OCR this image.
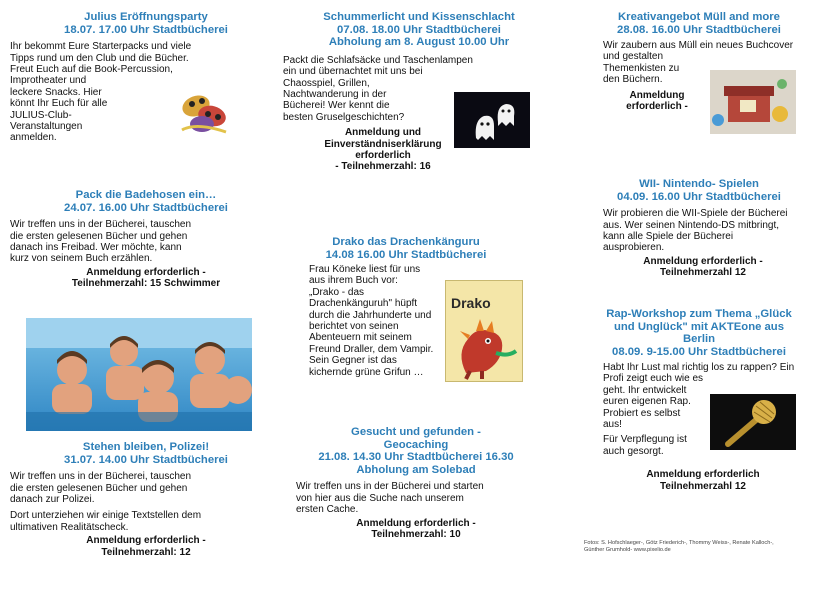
Julius Eröffnungsparty
18.07. 17.00 Uhr Stadtbücherei
Ihr bekommt Eure Starterpacks und viele
Tipps rund um den Club und die Bücher.
Freut Euch auf die Book-Percussion,
Improtheater und
leckere Snacks. Hier
könnt Ihr Euch für alle
JULIUS-Club-
Veranstaltungen
anmelden.
Pack die Badehosen ein…
24.07. 16.00 Uhr Stadtbücherei
Wir treffen uns in der Bücherei, tauschen
die ersten gelesenen Bücher und gehen
danach ins Freibad. Wer möchte, kann
kurz von seinem Buch erzählen.
Anmeldung erforderlich -
Teilnehmerzahl: 15 Schwimmer
Stehen bleiben, Polizei!
31.07. 14.00 Uhr Stadtbücherei
Wir treffen uns in der Bücherei, tauschen
die ersten gelesenen Bücher und gehen
danach zur Polizei.
Dort unterziehen wir einige Textstellen dem
ultimativen Realitätscheck.
Anmeldung erforderlich -
Teilnehmerzahl: 12
Schummerlicht und Kissenschlacht
07.08. 18.00 Uhr Stadtbücherei
Abholung am 8. August 10.00 Uhr
Packt die Schlafsäcke und Taschenlampen
ein und übernachtet mit uns bei
Chaosspiel, Grillen,
Nachtwanderung in der
Bücherei! Wer kennt die
besten Gruselgeschichten?
Anmeldung und
Einverständniserklärung
erforderlich
- Teilnehmerzahl: 16
Drako das Drachenkänguru
14.08 16.00 Uhr Stadtbücherei
Frau Köneke liest für uns
aus ihrem Buch vor:
„Drako - das
Drachenkänguruh" hüpft
durch die Jahrhunderte und
berichtet von seinen
Abenteuern mit seinem
Freund Draller, dem Vampir.
Sein Gegner ist das
kichernde grüne Grifun …
Drako
Gesucht und gefunden -
Geocaching
21.08. 14.30 Uhr Stadtbücherei 16.30
Abholung am Solebad
Wir treffen uns in der Bücherei und starten
von hier aus die Suche nach unserem
ersten Cache.
Anmeldung erforderlich -
Teilnehmerzahl: 10
Kreativangebot Müll and more
28.08. 16.00 Uhr Stadtbücherei
Wir zaubern aus Müll ein neues Buchcover
und gestalten
Themenkisten zu
den Büchern.
Anmeldung
erforderlich -
WII- Nintendo- Spielen
04.09. 16.00 Uhr Stadtbücherei
Wir probieren die WII-Spiele der Bücherei
aus. Wer seinen Nintendo-DS mitbringt,
kann alle Spiele der Bücherei
ausprobieren.
Anmeldung erforderlich -
Teilnehmerzahl 12
Rap-Workshop zum Thema „Glück
und Unglück" mit AKTEone aus
Berlin
08.09. 9-15.00 Uhr Stadtbücherei
Habt Ihr Lust mal richtig los zu rappen? Ein
Profi zeigt euch wie es
geht. Ihr entwickelt
euren eigenen Rap.
Probiert es selbst
aus!
Für Verpflegung ist
auch gesorgt.
Anmeldung erforderlich
Teilnehmerzahl 12
Fotos: S. Hofschlaeger-, Götz Friederich-, Thommy Weiss-, Renate Kalloch-,
Günther Grumhold- www.pixelio.de
